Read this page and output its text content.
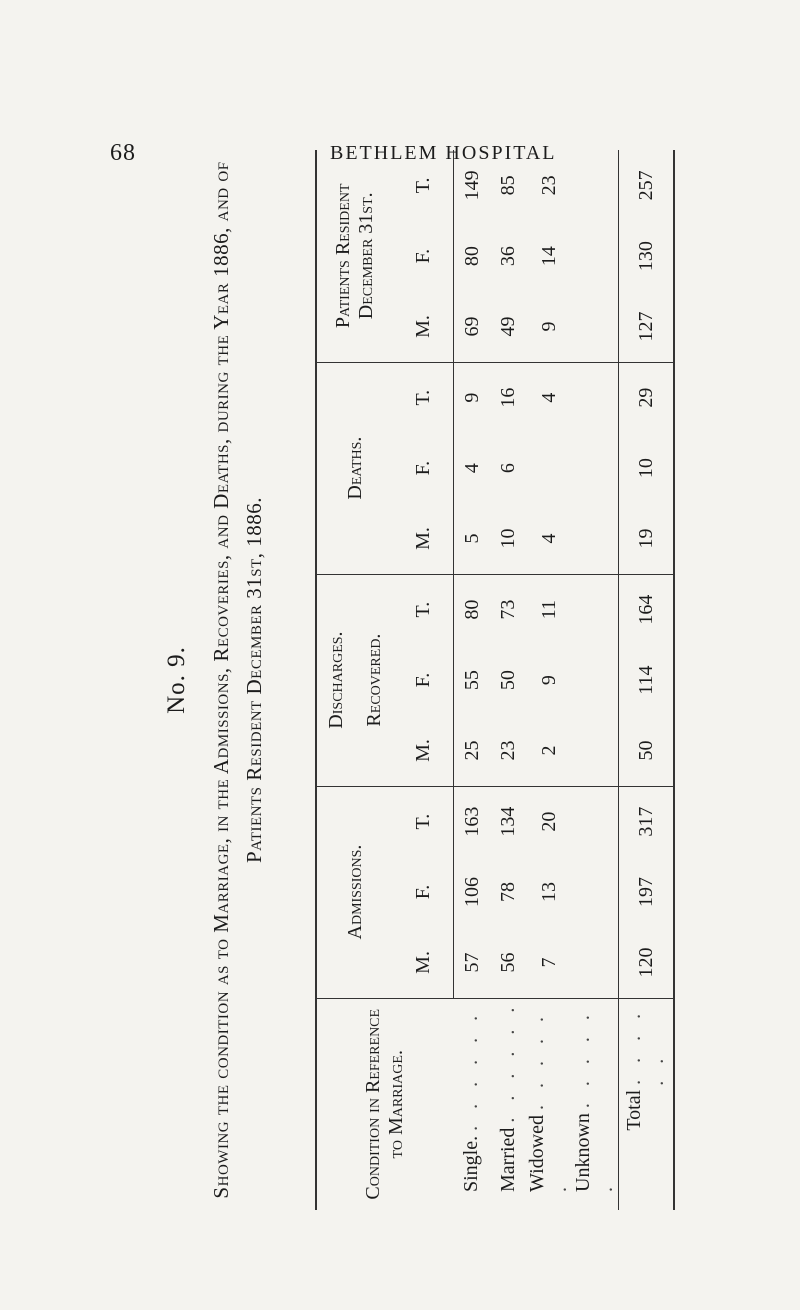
68	BETHLEM HOSPITAL
No. 9. Showing the condition as to Marriage, in the Admissions, Recoveries, and Deaths, during the Year 1886, and of Patients Resident December 31st, 1886.
Condition in Reference to Marriage.	Admissions.			Discharges.			Deaths.			Patients Resident December 31st.		
				Recovered.								
	M.	F.	T.	M.	F.	T.	M.	F.	T.	M.	F.	T.
Single. . . . . . .	57	106	163	25	55	80	5	4	9	69	80	149
Married . . . . . .	56	78	134	23	50	73	10	6	16	49	36	85
Widowed . . . . . .	7	13	20	2	9	11	4		4	9	14	23
Unknown . . . . . .												
Total . . . . . .	120	197	317	50	114	164	19	10	29	127	130	257
